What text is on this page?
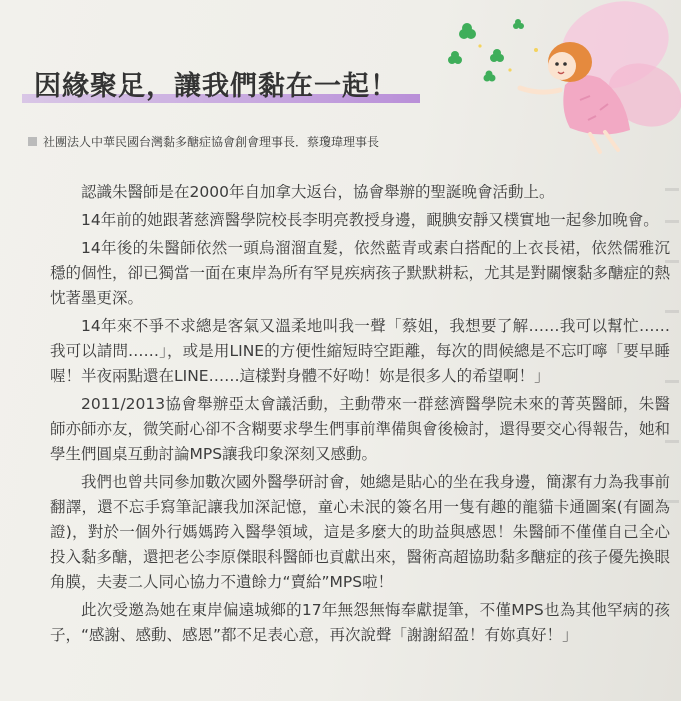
因緣聚足，讓我們黏在一起！
社團法人中華民國台灣黏多醣症協會創會理事長．蔡瓊瑋理事長

認識朱醫師是在2000年自加拿大返台，協會舉辦的聖誕晚會活動上。

14年前的她跟著慈濟醫學院校長李明亮教授身邊，靦腆安靜又樸實地一起參加晚會。

14年後的朱醫師依然一頭烏溜溜直髮，依然藍青或素白搭配的上衣長裙，依然儒雅沉穩的個性，卻已獨當一面在東岸為所有罕見疾病孩子默默耕耘，尤其是對關懷黏多醣症的熱忱著墨更深。

14年來不爭不求總是客氣又溫柔地叫我一聲「蔡姐，我想要了解……我可以幫忙……我可以請問……」，或是用LINE的方便性縮短時空距離，每次的問候總是不忘叮嚀「要早睡喔！半夜兩點還在LINE……這樣對身體不好呦！妳是很多人的希望啊！」

2011/2013協會舉辦亞太會議活動，主動帶來一群慈濟醫學院未來的菁英醫師，朱醫師亦師亦友，微笑耐心卻不含糊要求學生們事前準備與會後檢討，還得要交心得報告，她和學生們圓桌互動討論MPS讓我印象深刻又感動。

我們也曾共同參加數次國外醫學研討會，她總是貼心的坐在我身邊，簡潔有力為我事前翻譯，還不忘手寫筆記讓我加深記憶，童心未泯的簽名用一隻有趣的龍貓卡通圖案(有圖為證)，對於一個外行媽媽跨入醫學領域，這是多麼大的助益與感恩！朱醫師不僅僅自己全心投入黏多醣，還把老公李原傑眼科醫師也貢獻出來，醫術高超協助黏多醣症的孩子優先換眼角膜，夫妻二人同心協力不遺餘力“賣給”MPS啦！

此次受邀為她在東岸偏遠城鄉的17年無怨無悔奉獻提筆，不僅MPS也為其他罕病的孩子，“感謝、感動、感恩”都不足表心意，再次說聲「謝謝紹盈！有妳真好！」
